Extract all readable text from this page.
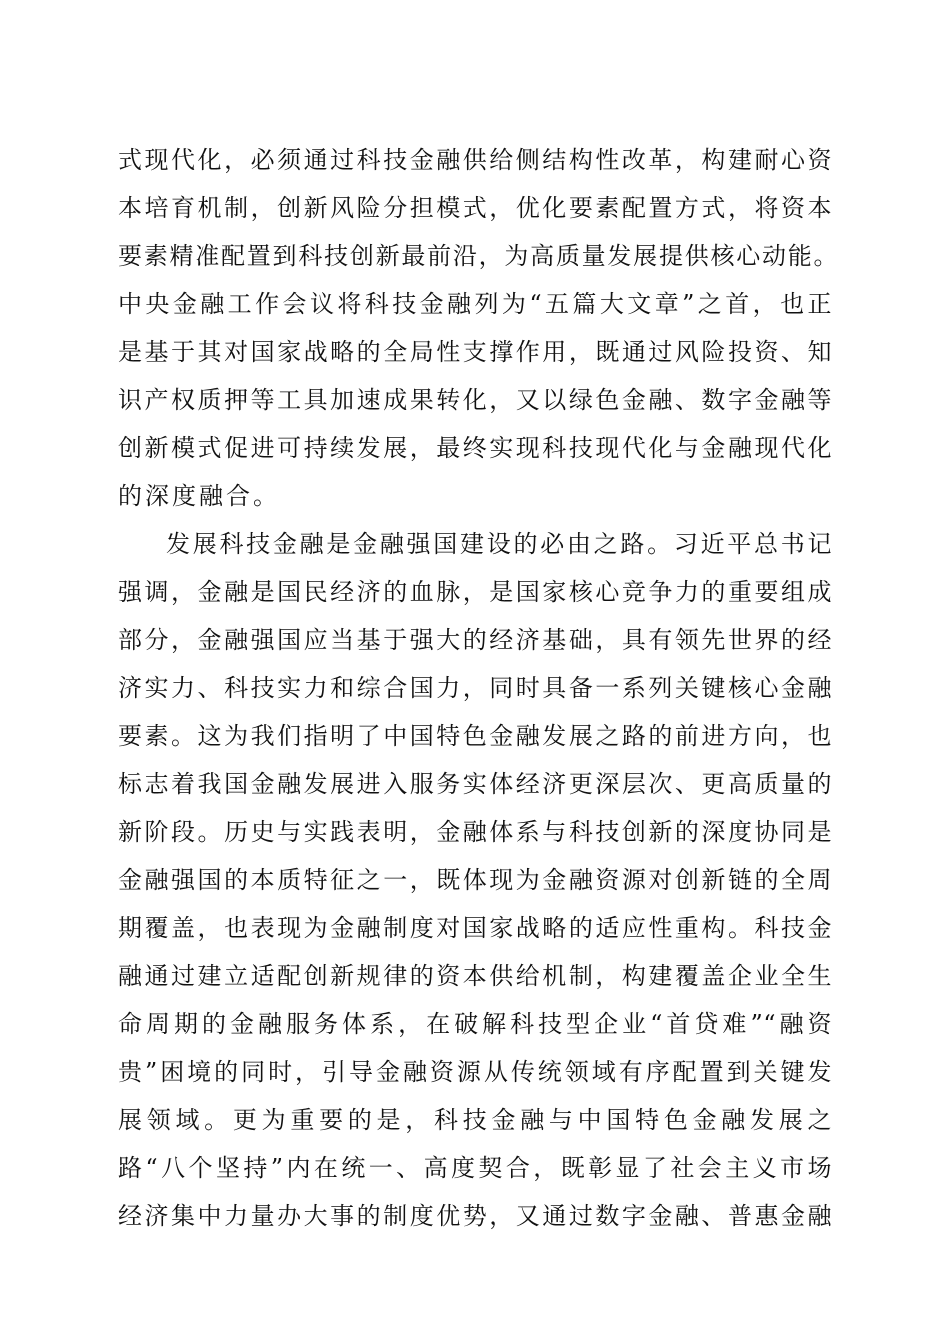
式现代化，必须通过科技金融供给侧结构性改革，构建耐心资
本培育机制，创新风险分担模式，优化要素配置方式，将资本
要素精准配置到科技创新最前沿，为高质量发展提供核心动能。
中央金融工作会议将科技金融列为“五篇大文章”之首，也正
是基于其对国家战略的全局性支撑作用，既通过风险投资、知
识产权质押等工具加速成果转化，又以绿色金融、数字金融等
创新模式促进可持续发展，最终实现科技现代化与金融现代化
的深度融合。
发展科技金融是金融强国建设的必由之路。习近平总书记
强调，金融是国民经济的血脉，是国家核心竞争力的重要组成
部分，金融强国应当基于强大的经济基础，具有领先世界的经
济实力、科技实力和综合国力，同时具备一系列关键核心金融
要素。这为我们指明了中国特色金融发展之路的前进方向，也
标志着我国金融发展进入服务实体经济更深层次、更高质量的
新阶段。历史与实践表明，金融体系与科技创新的深度协同是
金融强国的本质特征之一，既体现为金融资源对创新链的全周
期覆盖，也表现为金融制度对国家战略的适应性重构。科技金
融通过建立适配创新规律的资本供给机制，构建覆盖企业全生
命周期的金融服务体系，在破解科技型企业“首贷难”“融资
贵”困境的同时，引导金融资源从传统领域有序配置到关键发
展领域。更为重要的是，科技金融与中国特色金融发展之
路“八个坚持”内在统一、高度契合，既彰显了社会主义市场
经济集中力量办大事的制度优势，又通过数字金融、普惠金融
